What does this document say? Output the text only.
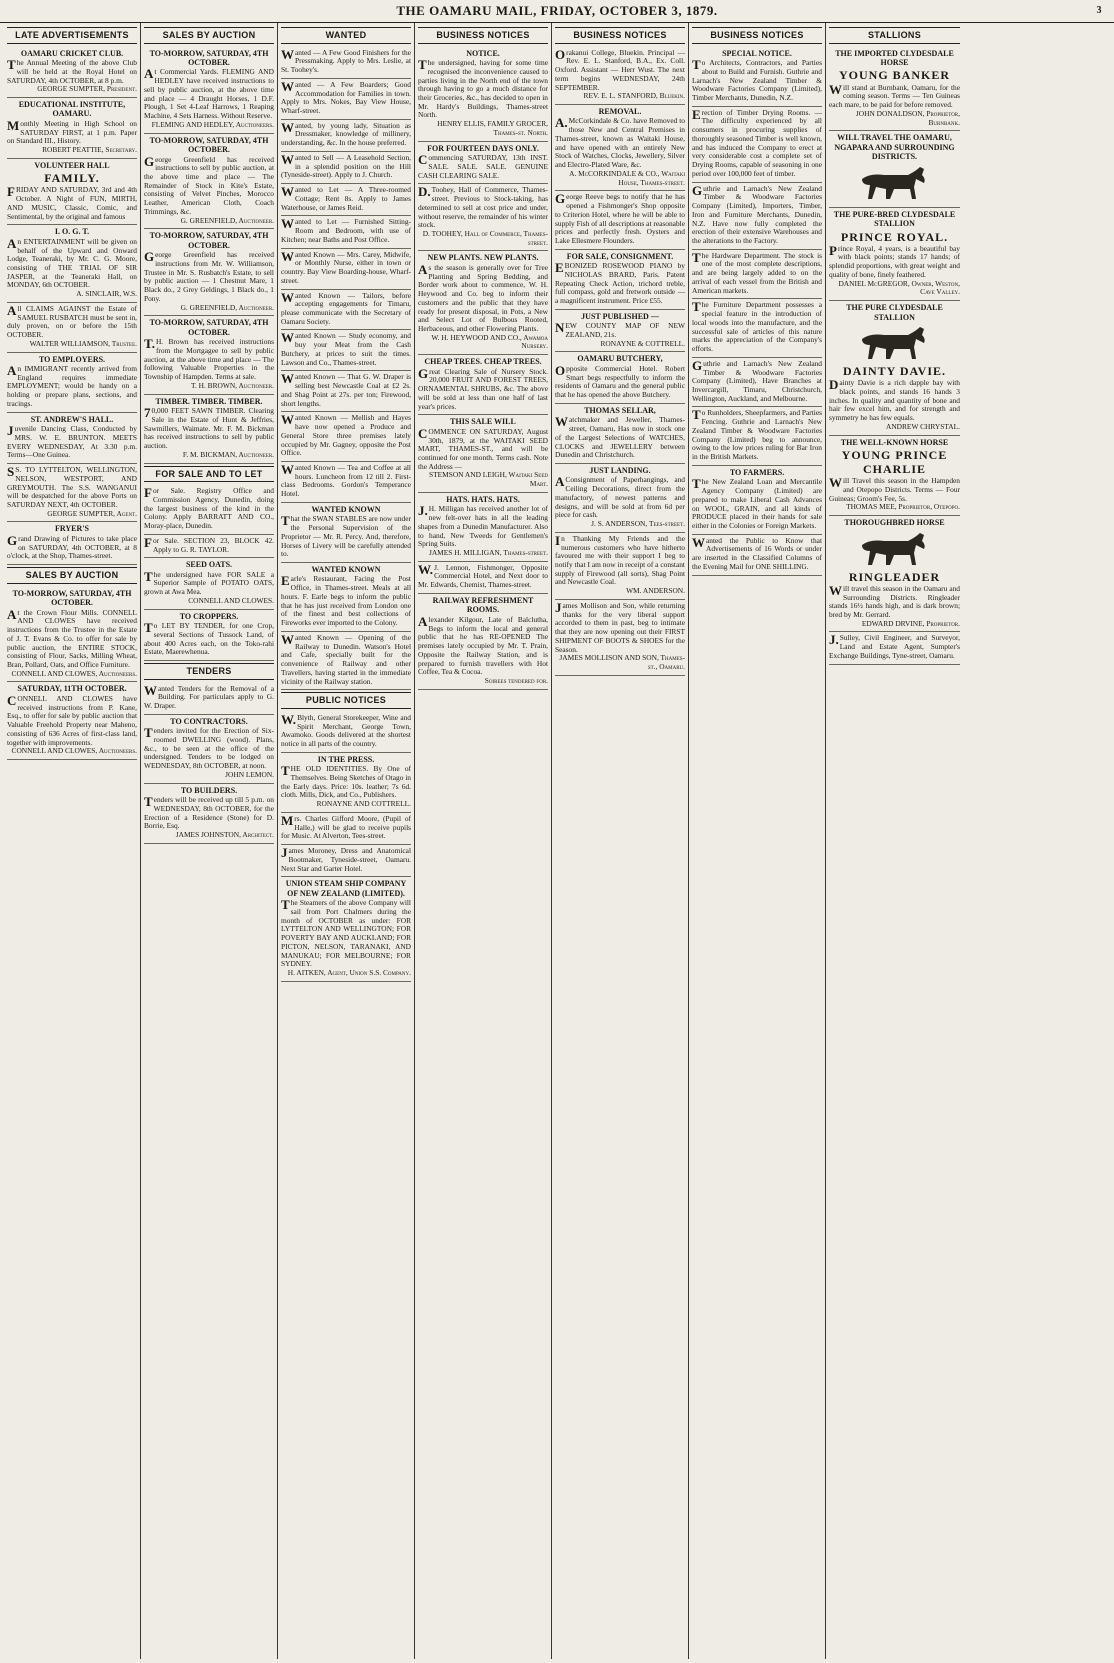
THE OAMARU MAIL, FRIDAY, OCTOBER 3, 1879.	3
LATE ADVERTISEMENTS
OAMARU CRICKET CLUB.
The Annual Meeting of the above Club will be held at the Royal Hotel on SATURDAY, 4th OCTOBER, at 8 p.m.
GEORGE SUMPTER, President.
EDUCATIONAL INSTITUTE, OAMARU.
Monthly Meeting in High School on SATURDAY FIRST, at 1 p.m. Paper on Standard III., History.
ROBERT PEATTIE, Secretary.
VOLUNTEER HALL
FAMILY.
FRIDAY AND SATURDAY, 3rd and 4th October. A Night of FUN, MIRTH, AND MUSIC, Classic, Comic, and Sentimental, by the original and famous
I. O. G. T.
An ENTERTAINMENT will be given on behalf of the Upward and Onward Lodge, Teaneraki, by Mr. C. G. Moore, consisting of THE TRIAL OF SIR JASPER, at the Teaneraki Hall, on MONDAY, 6th OCTOBER.
A. SINCLAIR, W.S.
All CLAIMS AGAINST the Estate of SAMUEL RUSBATCH must be sent in, duly proven, on or before the 15th OCTOBER.
WALTER WILLIAMSON, Trustee.
TO EMPLOYERS.
An IMMIGRANT recently arrived from England requires immediate EMPLOYMENT; would be handy on a holding or prepare plans, sections, and tracings.
ST. ANDREW'S HALL.
Juvenile Dancing Class, Conducted by MRS. W. E. BRUNTON. MEETS EVERY WEDNESDAY, At 3.30 p.m. Terms—One Guinea.
SS. TO LYTTELTON, WELLINGTON, NELSON, WESTPORT, AND GREYMOUTH. The S.S. WANGANUI will be despatched for the above Ports on SATURDAY NEXT, 4th OCTOBER.
GEORGE SUMPTER, Agent.
FRYER'S
Grand Drawing of Pictures to take place on SATURDAY, 4th OCTOBER, at 8 o'clock, at the Shop, Thames-street.
SALES BY AUCTION
TO-MORROW, SATURDAY, 4TH OCTOBER.
At the Crown Flour Mills. CONNELL AND CLOWES have received instructions from the Trustee in the Estate of J. T. Evans & Co. to offer for sale by public auction, the ENTIRE STOCK, consisting of Flour, Sacks, Milling Wheat, Bran, Pollard, Oats, and Office Furniture.
CONNELL AND CLOWES, Auctioneers.
SATURDAY, 11TH OCTOBER.
CONNELL AND CLOWES have received instructions from P. Kane, Esq., to offer for sale by public auction that Valuable Freehold Property near Maheno, consisting of 636 Acres of first-class land, together with improvements.
CONNELL AND CLOWES, Auctioneers.
SALES BY AUCTION
TO-MORROW, SATURDAY, 4TH OCTOBER.
At Commercial Yards. FLEMING AND HEDLEY have received instructions to sell by public auction, at the above time and place — 4 Draught Horses, 1 D.F. Plough, 1 Set 4-Leaf Harrows, 1 Reaping Machine, 4 Sets Harness. Without Reserve.
FLEMING AND HEDLEY, Auctioneers.
TO-MORROW, SATURDAY, 4TH OCTOBER.
George Greenfield has received instructions to sell by public auction, at the above time and place — The Remainder of Stock in Kite's Estate, consisting of Velvet Pinches, Morocco Leather, American Cloth, Coach Trimmings, &c.
G. GREENFIELD, Auctioneer.
TO-MORROW, SATURDAY, 4TH OCTOBER.
George Greenfield has received instructions from Mr. W. Williamson, Trustee in Mr. S. Rusbatch's Estate, to sell by public auction — 1 Chestnut Mare, 1 Black do., 2 Grey Geldings, 1 Black do., 1 Pony.
G. GREENFIELD, Auctioneer.
TO-MORROW, SATURDAY, 4TH OCTOBER.
T.H. Brown has received instructions from the Mortgagee to sell by public auction, at the above time and place — The following Valuable Properties in the Township of Hampden. Terms at sale.
T. H. BROWN, Auctioneer.
TIMBER. TIMBER. TIMBER.
70,000 FEET SAWN TIMBER. Clearing Sale in the Estate of Hunt & Jeffries, Sawmillers, Waimate. Mr. F. M. Bickman has received instructions to sell by public auction.
F. M. BICKMAN, Auctioneer.
FOR SALE AND TO LET
For Sale. Registry Office and Commission Agency, Dunedin, doing the largest business of the kind in the Colony. Apply BARRATT AND CO., Moray-place, Dunedin.
For Sale. SECTION 23, BLOCK 42. Apply to G. R. TAYLOR.
SEED OATS.
The undersigned have FOR SALE a Superior Sample of POTATO OATS, grown at Awa Mea.
CONNELL AND CLOWES.
TO CROPPERS.
To LET BY TENDER, for one Crop, several Sections of Tussock Land, of about 400 Acres each, on the Toko-rahi Estate, Maerewhenua.
TENDERS
Wanted Tenders for the Removal of a Building. For particulars apply to G. W. Draper.
TO CONTRACTORS.
Tenders invited for the Erection of Six-roomed DWELLING (wood). Plans, &c., to be seen at the office of the undersigned. Tenders to be lodged on WEDNESDAY, 8th OCTOBER, at noon.
JOHN LEMON.
TO BUILDERS.
Tenders will be received up till 5 p.m. on WEDNESDAY, 8th OCTOBER, for the Erection of a Residence (Stone) for D. Borrie, Esq.
JAMES JOHNSTON, Architect.
WANTED
Wanted — A Few Good Finishers for the Pressmaking. Apply to Mrs. Leslie, at St. Toohey's.
Wanted — A Few Boarders; Good Accommodation for Families in town. Apply to Mrs. Nokes, Bay View House, Wharf-street.
Wanted, by young lady, Situation as Dressmaker, knowledge of millinery, understanding, &c. In the house preferred.
Wanted to Sell — A Leasehold Section, in a splendid position on the Hill (Tyneside-street). Apply to J. Church.
Wanted to Let — A Three-roomed Cottage; Rent 8s. Apply to James Waterhouse, or James Reid.
Wanted to Let — Furnished Sitting-Room and Bedroom, with use of Kitchen; near Baths and Post Office.
Wanted Known — Mrs. Carey, Midwife, or Monthly Nurse, either in town or country. Bay View Boarding-house, Wharf-street.
Wanted Known — Tailors, before accepting engagements for Timaru, please communicate with the Secretary of Oamaru Society.
Wanted Known — Study economy, and buy your Meat from the Cash Butchery, at prices to suit the times. Lawson and Co., Thames-street.
Wanted Known — That G. W. Draper is selling best Newcastle Coal at £2 2s. and Shag Point at 27s. per ton; Firewood, short lengths.
Wanted Known — Mellish and Hayes have now opened a Produce and General Store three premises lately occupied by Mr. Gagney, opposite the Post Office.
Wanted Known — Tea and Coffee at all hours. Luncheon from 12 till 2. First-class Bedrooms. Gordon's Temperance Hotel.
WANTED KNOWN
That the SWAN STABLES are now under the Personal Supervision of the Proprietor — Mr. R. Percy. And, therefore, Horses of Livery will be carefully attended to.
WANTED KNOWN
Earle's Restaurant, Facing the Post Office, in Thames-street. Meals at all hours. F. Earle begs to inform the public that he has just received from London one of the finest and best collections of Fireworks ever imported to the Colony.
Wanted Known — Opening of the Railway to Dunedin. Watson's Hotel and Cafe, specially built for the convenience of Railway and other Travellers, having started in the immediate vicinity of the Railway station.
PUBLIC NOTICES
W.Blyth, General Storekeeper, Wine and Spirit Merchant, George Town, Awamoko. Goods delivered at the shortest notice in all parts of the country.
IN THE PRESS.
THE OLD IDENTITIES. By One of Themselves. Being Sketches of Otago in the Early days. Price: 10s. leather; 7s 6d. cloth. Mills, Dick, and Co., Publishers.
RONAYNE AND COTTRELL.
Mrs. Charles Gifford Moore, (Pupil of Halle,) will be glad to receive pupils for Music. At Alverton, Tees-street.
James Moroney, Dress and Anatomical Bootmaker, Tyneside-street, Oamaru. Next Star and Garter Hotel.
UNION STEAM SHIP COMPANY OF NEW ZEALAND (LIMITED).
The Steamers of the above Company will sail from Port Chalmers during the month of OCTOBER as under: FOR LYTTELTON AND WELLINGTON; FOR POVERTY BAY AND AUCKLAND; FOR PICTON, NELSON, TARANAKI, AND MANUKAU; FOR MELBOURNE; FOR SYDNEY.
H. AITKEN, Agent, Union S.S. Company.
BUSINESS NOTICES
NOTICE.
The undersigned, having for some time recognised the inconvenience caused to parties living in the North end of the town through having to go a much distance for their Groceries, &c., has decided to open in Mr. Hardy's Buildings, Thames-street North.
HENRY ELLIS, FAMILY GROCER, Thames-st. North.
FOR FOURTEEN DAYS ONLY.
Commencing SATURDAY, 13th INST. SALE. SALE. SALE. GENUINE CASH CLEARING SALE.
D.Toohey, Hall of Commerce, Thames-street. Previous to Stock-taking, has determined to sell at cost price and under, without reserve, the remainder of his winter stock.
D. TOOHEY, Hall of Commerce, Thames-street.
NEW PLANTS. NEW PLANTS.
As the season is generally over for Tree Planting and Spring Bedding, and Border work about to commence, W. H. Heywood and Co. beg to inform their customers and the public that they have ready for present disposal, in Pots, a New and Select Lot of Bulbous Rooted, Herbaceous, and other Flowering Plants.
W. H. HEYWOOD AND CO., Awamoa Nursery.
CHEAP TREES. CHEAP TREES.
Great Clearing Sale of Nursery Stock. 20,000 FRUIT AND FOREST TREES, ORNAMENTAL SHRUBS, &c. The above will be sold at less than one half of last year's prices.
THIS SALE WILL
COMMENCE ON SATURDAY, August 30th, 1879, at the WAITAKI SEED MART, THAMES-ST., and will be continued for one month. Terms cash. Note the Address —
STEMSON AND LEIGH, Waitaki Seed Mart.
HATS. HATS. HATS.
J.H. Milligan has received another lot of new felt-over hats in all the leading shapes from a Dunedin Manufacturer. Also to hand, New Tweeds for Gentlemen's Spring Suits.
JAMES H. MILLIGAN, Thames-street.
W.J. Lennon, Fishmonger, Opposite Commercial Hotel, and Next door to Mr. Edwards, Chemist, Thames-street.
RAILWAY REFRESHMENT ROOMS.
Alexander Kilgour, Late of Balclutha, Begs to inform the local and general public that he has RE-OPENED The premises lately occupied by Mr. T. Prain, Opposite the Railway Station, and is prepared to furnish travellers with Hot Coffee, Tea & Cocoa.
Soirees tendered for.
BUSINESS NOTICES
Orakanui College, Bluekin. Principal — Rev. E. L. Stanford, B.A., Ex. Coll. Oxford. Assistant — Herr Wust. The next term begins WEDNESDAY, 24th SEPTEMBER.
REV. E. L. STANFORD, Bluekin.
REMOVAL.
A.McCorkindale & Co. have Removed to those New and Central Premises in Thames-street, known as Waitaki House, and have opened with an entirely New Stock of Watches, Clocks, Jewellery, Silver and Electro-Plated Ware, &c.
A. McCORKINDALE & CO., Waitaki House, Thames-street.
George Reeve begs to notify that he has opened a Fishmonger's Shop opposite to Criterion Hotel, where he will be able to supply Fish of all descriptions at reasonable prices and perfectly fresh. Oysters and Lake Ellesmere Flounders.
FOR SALE, CONSIGNMENT.
EBONIZED ROSEWOOD PIANO by NICHOLAS BRARD, Paris. Patent Repeating Check Action, trichord treble, full compass, gold and fretwork outside — a magnificent instrument. Price £55.
JUST PUBLISHED —
NEW COUNTY MAP OF NEW ZEALAND, 21s.
RONAYNE & COTTRELL.
OAMARU BUTCHERY,
Opposite Commercial Hotel. Robert Smart begs respectfully to inform the residents of Oamaru and the general public that he has opened the above Butchery.
THOMAS SELLAR,
Watchmaker and Jeweller, Thames-street, Oamaru, Has now in stock one of the Largest Selections of WATCHES, CLOCKS and JEWELLERY between Dunedin and Christchurch.
JUST LANDING.
AConsignment of Paperhangings, and Ceiling Decorations, direct from the manufactory, of newest patterns and designs, and will be sold at from 6d per piece for cash.
J. S. ANDERSON, Tees-street.
In Thanking My Friends and the numerous customers who have hitherto favoured me with their support I beg to notify that I am now in receipt of a constant supply of Firewood (all sorts), Shag Point and Newcastle Coal.
WM. ANDERSON.
James Mollison and Son, while returning thanks for the very liberal support accorded to them in past, beg to intimate that they are now opening out their FIRST SHIPMENT OF BOOTS & SHOES for the Season.
JAMES MOLLISON AND SON, Thames-st., Oamaru.
BUSINESS NOTICES
SPECIAL NOTICE.
To Architects, Contractors, and Parties about to Build and Furnish. Guthrie and Larnach's New Zealand Timber & Woodware Factories Company (Limited), Timber Merchants, Dunedin, N.Z.
Erection of Timber Drying Rooms. — The difficulty experienced by all consumers in procuring supplies of thoroughly seasoned Timber is well known, and has induced the Company to erect at very considerable cost a complete set of Drying Rooms, capable of seasoning in one period over 100,000 feet of timber.
Guthrie and Larnach's New Zealand Timber & Woodware Factories Company (Limited), Importers, Timber, Iron and Furniture Merchants, Dunedin, N.Z. Have now fully completed the erection of their extensive Warehouses and the alterations to the Factory.
The Hardware Department. The stock is one of the most complete descriptions, and are being largely added to on the arrival of each vessel from the British and American markets.
The Furniture Department possesses a special feature in the introduction of local woods into the manufacture, and the successful sale of articles of this nature marks the appreciation of the Company's efforts.
Guthrie and Larnach's New Zealand Timber & Woodware Factories Company (Limited), Have Branches at Invercargill, Timaru, Christchurch, Wellington, Auckland, and Melbourne.
To Runholders, Sheepfarmers, and Parties Fencing. Guthrie and Larnach's New Zealand Timber & Woodware Factories Company (Limited) beg to announce, owing to the low prices ruling for Bar Iron in the British Markets.
TO FARMERS.
The New Zealand Loan and Mercantile Agency Company (Limited) are prepared to make Liberal Cash Advances on WOOL, GRAIN, and all kinds of PRODUCE placed in their hands for sale either in the Colonies or Foreign Markets.
Wanted the Public to Know that Advertisements of 16 Words or under are inserted in the Classified Columns of the Evening Mail for ONE SHILLING.
STALLIONS
THE IMPORTED CLYDESDALE HORSE
YOUNG BANKER
Will stand at Burnbank, Oamaru, for the coming season. Terms — Ten Guineas each mare, to be paid for before removed.
JOHN DONALDSON, Proprietor, Burnbank.
WILL TRAVEL THE OAMARU, NGAPARA AND SURROUNDING DISTRICTS.
THE PURE-BRED CLYDESDALE STALLION
PRINCE ROYAL.
Prince Royal, 4 years, is a beautiful bay with black points; stands 17 hands; of splendid proportions, with great weight and quality of bone, finely feathered.
DANIEL McGREGOR, Owner, Weston, Cave Valley.
THE PURE CLYDESDALE STALLION
DAINTY DAVIE.
Dainty Davie is a rich dapple bay with black points, and stands 16 hands 3 inches. In quality and quantity of bone and hair few excel him, and for strength and symmetry he has few equals.
ANDREW CHRYSTAL.
THE WELL-KNOWN HORSE
YOUNG PRINCE CHARLIE
Will Travel this season in the Hampden and Otepopo Districts. Terms — Four Guineas; Groom's Fee, 5s.
THOMAS MEE, Proprietor, Otepopo.
THOROUGHBRED HORSE
RINGLEADER
Will travel this season in the Oamaru and Surrounding Districts. Ringleader stands 16½ hands high, and is dark brown; bred by Mr. Gerrard.
EDWARD DRVINE, Proprietor.
J.Sulley, Civil Engineer, and Surveyor, Land and Estate Agent, Sumpter's Exchange Buildings, Tyne-street, Oamaru.
